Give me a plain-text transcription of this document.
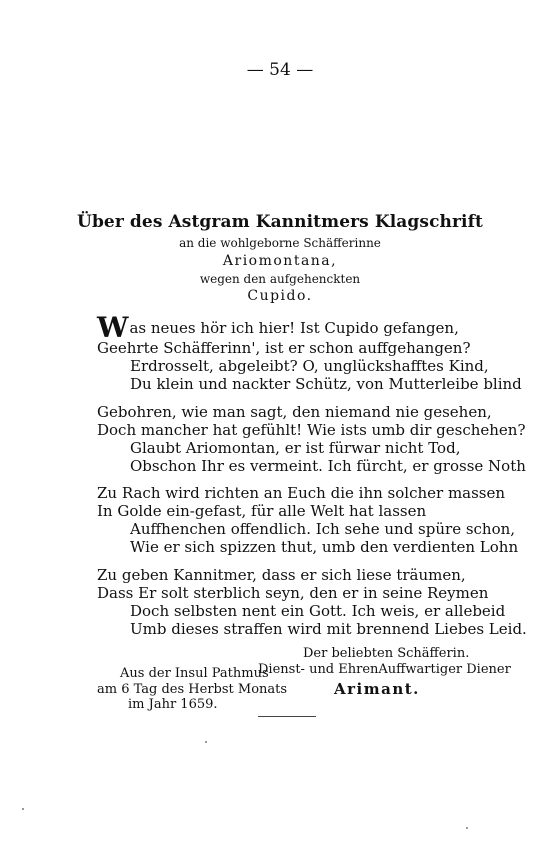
— 54 —
Über des Astgram Kannitmers Klagschrift
an die wohlgeborne Schäfferinne
Ariomontana,
wegen den aufgehenckten
Cupido.
Was neues hör ich hier! Ist Cupido gefangen,
Geehrte Schäfferinn', ist er schon auffgehangen?
Erdrosselt, abgeleibt? O, unglückshafftes Kind,
Du klein und nackter Schütz, von Mutterleibe blind
Gebohren, wie man sagt, den niemand nie gesehen,
Doch mancher hat gefühlt! Wie ists umb dir geschehen?
Glaubt Ariomontan, er ist fürwar nicht Tod,
Obschon Ihr es vermeint. Ich fürcht, er grosse Noth
Zu Rach wird richten an Euch die ihn solcher massen
In Golde ein-gefast, für alle Welt hat lassen
Auffhenchen offendlich. Ich sehe und spüre schon,
Wie er sich spizzen thut, umb den verdienten Lohn
Zu geben Kannitmer, dass er sich liese träumen,
Dass Er solt sterblich seyn, den er in seine Reymen
Doch selbsten nent ein Gott. Ich weis, er allebeid
Umb dieses straffen wird mit brennend Liebes Leid.
Der beliebten Schäfferin.
Dienst- und EhrenAuffwartiger Diener
Arimant.
Aus der Insul Pathmus
am 6 Tag des Herbst Monats
im Jahr 1659.
